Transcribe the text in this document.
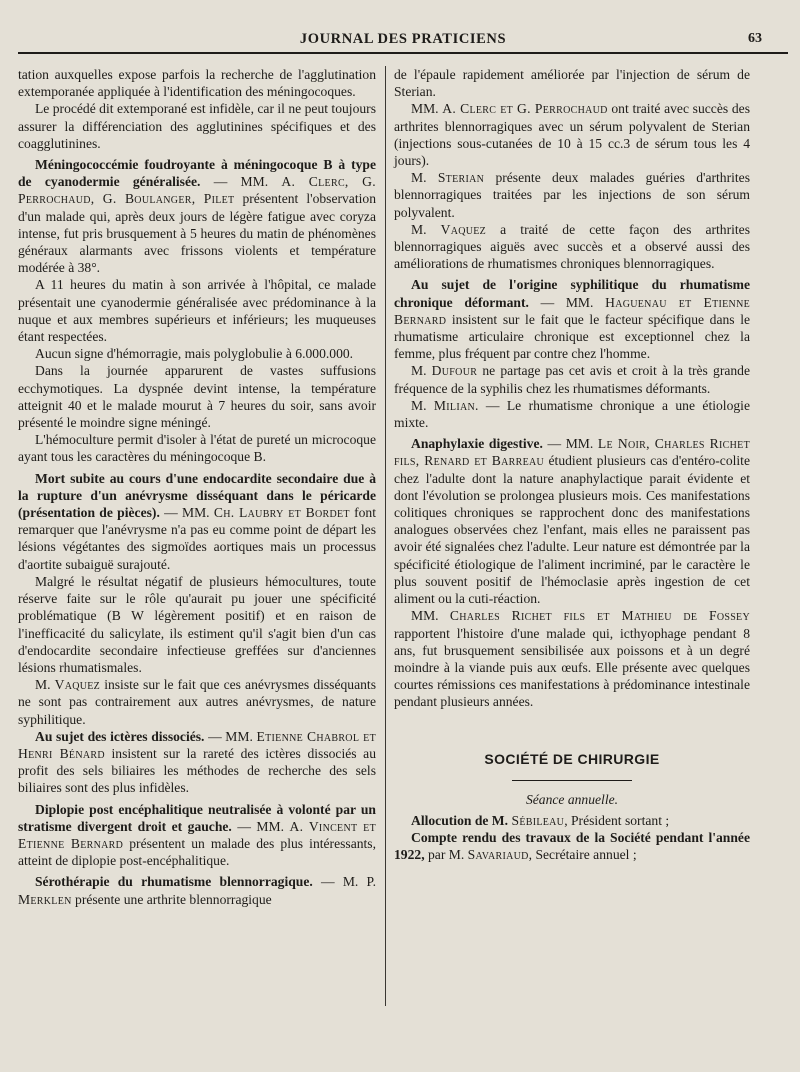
JOURNAL DES PRATICIENS	63

tation auxquelles expose parfois la recherche de l'agglutination extemporanée appliquée à l'identification des méningocoques.

Le procédé dit extemporané est infidèle, car il ne peut toujours assurer la différenciation des agglutinines spécifiques et des coagglutinines.

Méningococcémie foudroyante à méningocoque B à type de cyanodermie généralisée. — MM. A. Clerc, G. Perrochaud, G. Boulanger, Pilet présentent l'observation d'un malade qui, après deux jours de légère fatigue avec coryza intense, fut pris brusquement à 5 heures du matin de phénomènes généraux alarmants avec frissons violents et température modérée à 38°.

A 11 heures du matin à son arrivée à l'hôpital, ce malade présentait une cyanodermie généralisée avec prédominance à la nuque et aux membres supérieurs et inférieurs; les muqueuses étant respectées.

Aucun signe d'hémorragie, mais polyglobulie à 6.000.000.

Dans la journée apparurent de vastes suffusions ecchymotiques. La dyspnée devint intense, la température atteignit 40 et le malade mourut à 7 heures du soir, sans avoir présenté le moindre signe méningé.

L'hémoculture permit d'isoler à l'état de pureté un microcoque ayant tous les caractères du méningocoque B.

Mort subite au cours d'une endocardite secondaire due à la rupture d'un anévrysme disséquant dans le péricarde (présentation de pièces). — MM. Ch. Laubry et Bordet font remarquer que l'anévrysme n'a pas eu comme point de départ les lésions végétantes des sigmoïdes aortiques mais un processus d'aortite subaiguë surajouté.

Malgré le résultat négatif de plusieurs hémocultures, toute réserve faite sur le rôle qu'aurait pu jouer une spécificité problématique (B W légèrement positif) et en raison de l'inefficacité du salicylate, ils estiment qu'il s'agit bien d'un cas d'endocardite secondaire infectieuse greffées sur d'anciennes lésions rhumatismales.

M. Vaquez insiste sur le fait que ces anévrysmes disséquants ne sont pas contrairement aux autres anévrysmes, de nature syphilitique.

Au sujet des ictères dissociés. — MM. Etienne Chabrol et Henri Bénard insistent sur la rareté des ictères dissociés au profit des sels biliaires les méthodes de recherche des sels biliaires sont des plus infidèles.

Diplopie post encéphalitique neutralisée à volonté par un stratisme divergent droit et gauche. — MM. A. Vincent et Etienne Bernard présentent un malade des plus intéressants, atteint de diplopie post-encéphalitique.

Sérothérapie du rhumatisme blennorragique. — M. P. Merklen présente une arthrite blennorragique

de l'épaule rapidement améliorée par l'injection de sérum de Sterian.

MM. A. Clerc et G. Perrochaud ont traité avec succès des arthrites blennorragiques avec un sérum polyvalent de Sterian (injections sous-cutanées de 10 à 15 cc.3 de sérum tous les 4 jours).

M. Sterian présente deux malades guéries d'arthrites blennorragiques traitées par les injections de son sérum polyvalent.

M. Vaquez a traité de cette façon des arthrites blennorragiques aiguës avec succès et a observé aussi des améliorations de rhumatismes chroniques blennorragiques.

Au sujet de l'origine syphilitique du rhumatisme chronique déformant. — MM. Haguenau et Etienne Bernard insistent sur le fait que le facteur spécifique dans le rhumatisme articulaire chronique est exceptionnel chez la femme, plus fréquent par contre chez l'homme.

M. Dufour ne partage pas cet avis et croit à la très grande fréquence de la syphilis chez les rhumatismes déformants.

M. Milian. — Le rhumatisme chronique a une étiologie mixte.

Anaphylaxie digestive. — MM. Le Noir, Charles Richet fils, Renard et Barreau étudient plusieurs cas d'entéro-colite chez l'adulte dont la nature anaphylactique parait évidente et dont l'évolution se prolongea plusieurs mois. Ces manifestations colitiques chroniques se rapprochent donc des manifestations analogues observées chez l'enfant, mais elles ne paraissent pas avoir été signalées chez l'adulte. Leur nature est démontrée par la spécificité étiologique de l'aliment incriminé, par le caractère le plus souvent positif de l'hémoclasie après ingestion de cet aliment ou la cuti-réaction.

MM. Charles Richet fils et Mathieu de Fossey rapportent l'histoire d'une malade qui, icthyophage pendant 8 ans, fut brusquement sensibilisée aux poissons et à un degré moindre à la viande puis aux œufs. Elle présente avec quelques courtes rémissions ces manifestations à prédominance intestinale pendant plusieurs années.

SOCIÉTÉ DE CHIRURGIE
Séance annuelle.

Allocution de M. Sébileau, Président sortant ;

Compte rendu des travaux de la Société pendant l'année 1922, par M. Savariaud, Secrétaire annuel ;
